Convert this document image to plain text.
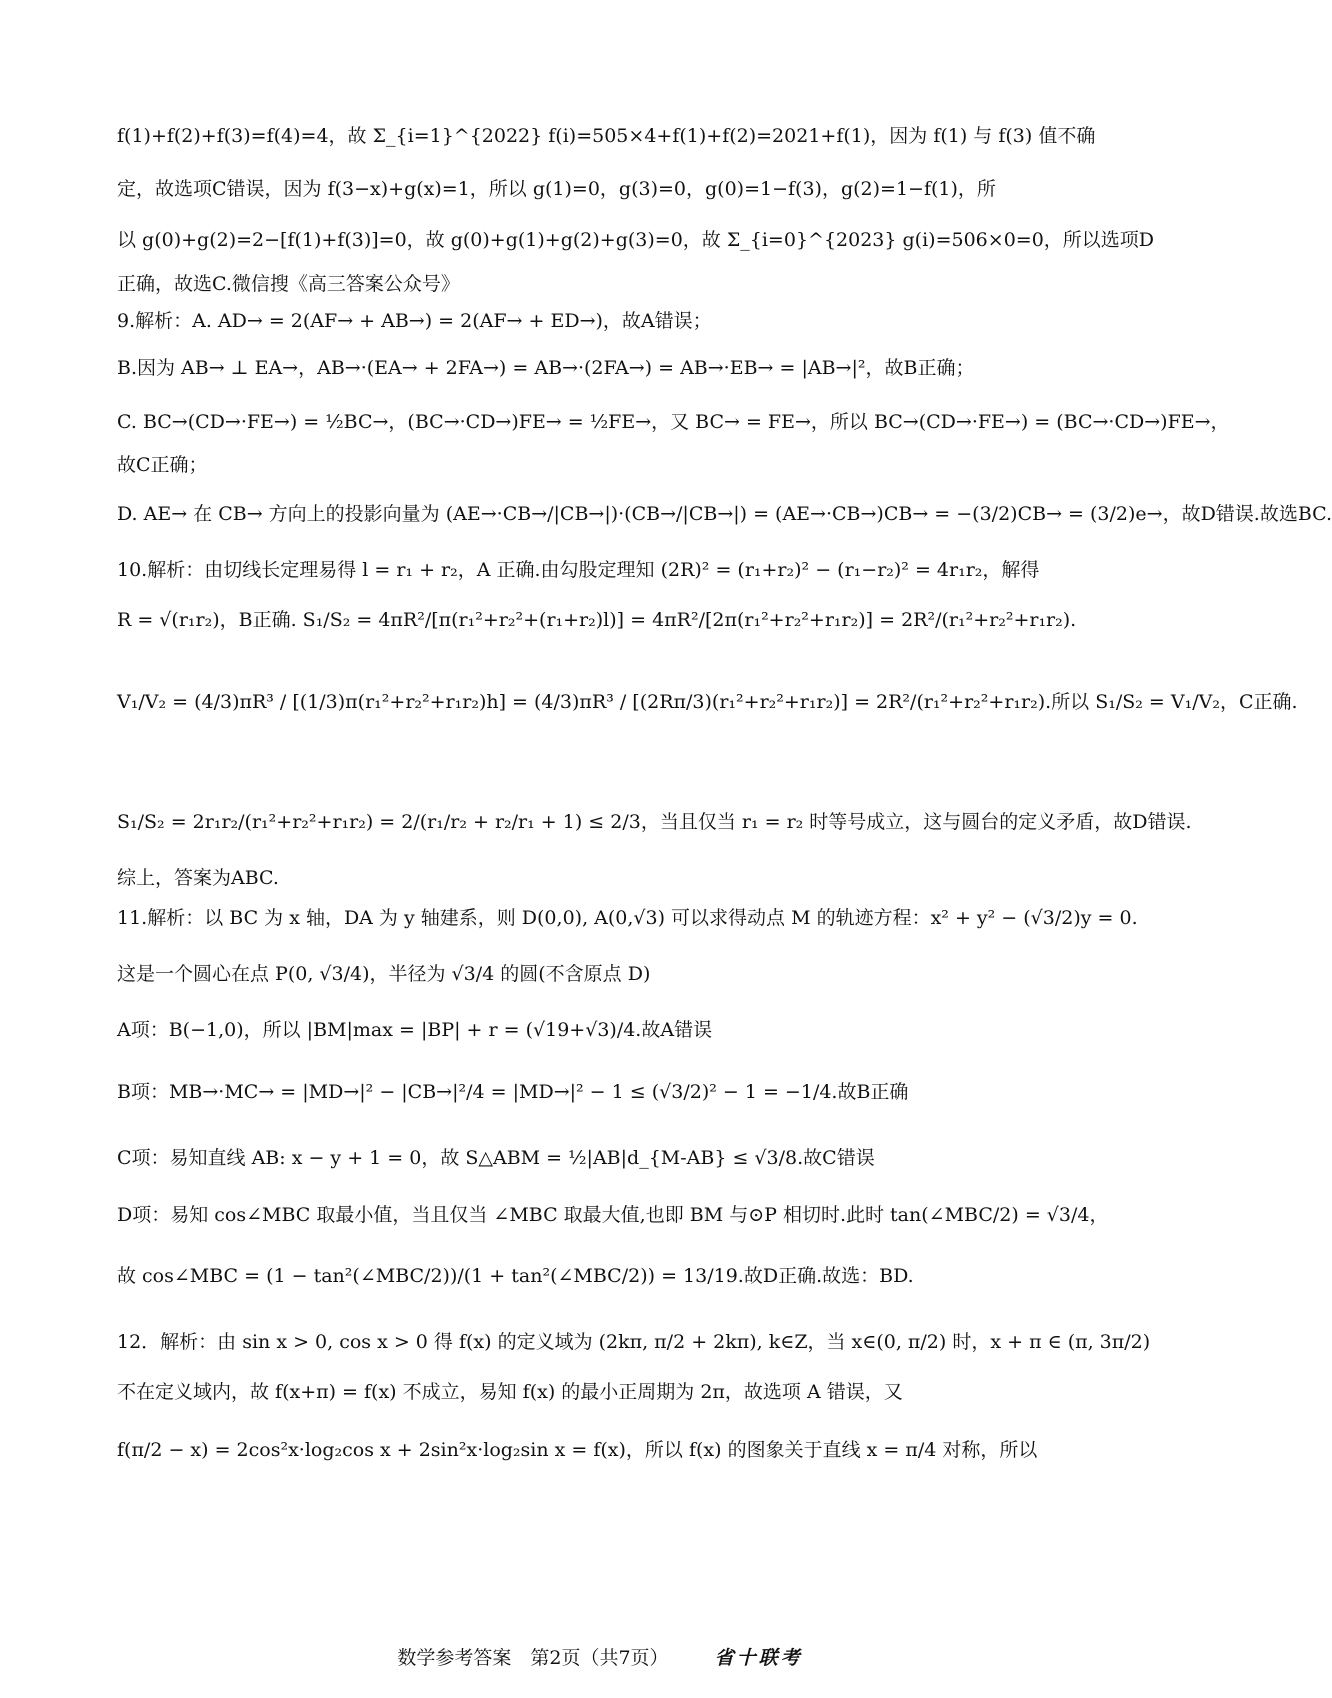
f(1)+f(2)+f(3)=f(4)=4，故 Σ_{i=1}^{2022} f(i)=505×4+f(1)+f(2)=2021+f(1)，因为 f(1) 与 f(3) 值不确
定，故选项C错误，因为 f(3−x)+g(x)=1，所以 g(1)=0，g(3)=0，g(0)=1−f(3)，g(2)=1−f(1)，所
以 g(0)+g(2)=2−[f(1)+f(3)]=0，故 g(0)+g(1)+g(2)+g(3)=0，故 Σ_{i=0}^{2023} g(i)=506×0=0，所以选项D
正确，故选C.微信搜《高三答案公众号》
9.解析：A. AD→ = 2(AF→ + AB→) = 2(AF→ + ED→)，故A错误；
B.因为 AB→ ⊥ EA→，AB→·(EA→ + 2FA→) = AB→·(2FA→) = AB→·EB→ = |AB→|²，故B正确；
C. BC→(CD→·FE→) = ½BC→，(BC→·CD→)FE→ = ½FE→，又 BC→ = FE→，所以 BC→(CD→·FE→) = (BC→·CD→)FE→，
故C正确；
D. AE→ 在 CB→ 方向上的投影向量为 (AE→·CB→/|CB→|)·(CB→/|CB→|) = (AE→·CB→)CB→ = −(3/2)CB→ = (3/2)e→，故D错误.故选BC.
10.解析：由切线长定理易得 l = r₁ + r₂，A 正确.由勾股定理知 (2R)² = (r₁+r₂)² − (r₁−r₂)² = 4r₁r₂，解得
R = √(r₁r₂)，B正确. S₁/S₂ = 4πR²/[π(r₁²+r₂²+(r₁+r₂)l)] = 4πR²/[2π(r₁²+r₂²+r₁r₂)] = 2R²/(r₁²+r₂²+r₁r₂).
V₁/V₂ = (4/3)πR³ / [(1/3)π(r₁²+r₂²+r₁r₂)h] = (4/3)πR³ / [(2Rπ/3)(r₁²+r₂²+r₁r₂)] = 2R²/(r₁²+r₂²+r₁r₂).所以 S₁/S₂ = V₁/V₂，C正确.
S₁/S₂ = 2r₁r₂/(r₁²+r₂²+r₁r₂) = 2/(r₁/r₂ + r₂/r₁ + 1) ≤ 2/3，当且仅当 r₁ = r₂ 时等号成立，这与圆台的定义矛盾，故D错误.
综上，答案为ABC.
11.解析：以 BC 为 x 轴，DA 为 y 轴建系，则 D(0,0), A(0,√3) 可以求得动点 M 的轨迹方程：x² + y² − (√3/2)y = 0.
这是一个圆心在点 P(0, √3/4)，半径为 √3/4 的圆(不含原点 D)
A项：B(−1,0)，所以 |BM|max = |BP| + r = (√19+√3)/4.故A错误
B项：MB→·MC→ = |MD→|² − |CB→|²/4 = |MD→|² − 1 ≤ (√3/2)² − 1 = −1/4.故B正确
C项：易知直线 AB: x − y + 1 = 0，故 S△ABM = ½|AB|d_{M-AB} ≤ √3/8.故C错误
D项：易知 cos∠MBC 取最小值，当且仅当 ∠MBC 取最大值,也即 BM 与⊙P 相切时.此时 tan(∠MBC/2) = √3/4，
故 cos∠MBC = (1 − tan²(∠MBC/2))/(1 + tan²(∠MBC/2)) = 13/19.故D正确.故选：BD.
12．解析：由 sin x > 0, cos x > 0 得 f(x) 的定义域为 (2kπ, π/2 + 2kπ), k∈Z，当 x∈(0, π/2) 时，x + π ∈ (π, 3π/2)
不在定义域内，故 f(x+π) = f(x) 不成立，易知 f(x) 的最小正周期为 2π，故选项 A 错误，又
f(π/2 − x) = 2cos²x·log₂cos x + 2sin²x·log₂sin x = f(x)，所以 f(x) 的图象关于直线 x = π/4 对称，所以
数学参考答案　第2页（共7页） 省十联考
